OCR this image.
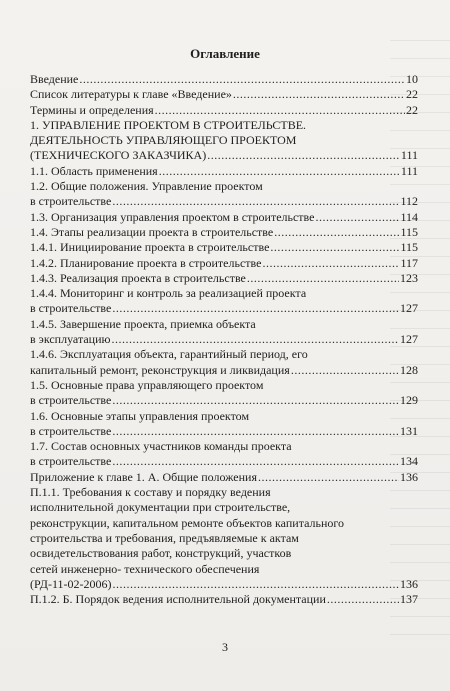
Оглавление
Введение .....	10
Список литературы к главе «Введение» .....	22
Термины и определения .....	22
1. УПРАВЛЕНИЕ ПРОЕКТОМ В СТРОИТЕЛЬСТВЕ.
ДЕЯТЕЛЬНОСТЬ УПРАВЛЯЮЩЕГО ПРОЕКТОМ
(ТЕХНИЧЕСКОГО ЗАКАЗЧИКА) .....	111
1.1. Область применения .....	111
1.2. Общие положения. Управление проектом
в строительстве .....	112
1.3. Организация управления проектом в строительстве .....	114
1.4. Этапы реализации проекта в строительстве .....	115
1.4.1. Инициирование проекта в строительстве .....	115
1.4.2. Планирование проекта в строительстве .....	117
1.4.3. Реализация проекта в строительстве .....	123
1.4.4. Мониторинг и контроль за реализацией проекта
в строительстве .....	127
1.4.5. Завершение проекта, приемка объекта
в эксплуатацию .....	127
1.4.6. Эксплуатация объекта, гарантийный период, его
капитальный ремонт, реконструкция и ликвидация .....	128
1.5. Основные права управляющего проектом
в строительстве .....	129
1.6. Основные этапы управления проектом
в строительстве .....	131
1.7. Состав основных участников команды проекта
в строительстве .....	134
Приложение к главе 1. А. Общие положения .....	136
П.1.1. Требования к составу и порядку ведения
исполнительной документации при строительстве,
реконструкции, капитальном ремонте объектов капитального
строительства и требования, предъявляемые к актам
освидетельствования работ, конструкций, участков
сетей инженерно- технического обеспечения
(РД-11-02-2006) .....	136
П.1.2. Б. Порядок ведения исполнительной документации .....	137
3
